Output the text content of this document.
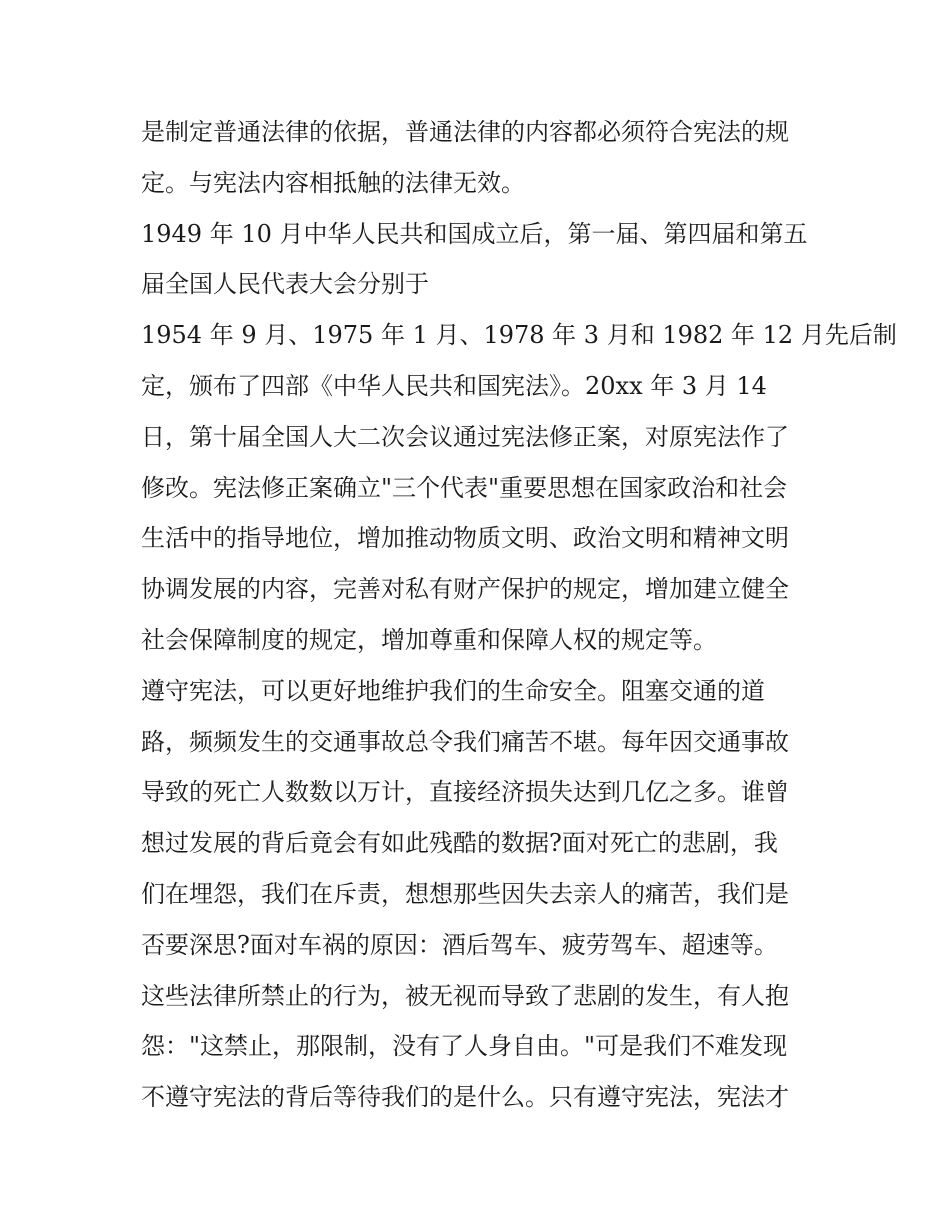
是制定普通法律的依据，普通法律的内容都必须符合宪法的规
定。与宪法内容相抵触的法律无效。
1949 年 10 月中华人民共和国成立后，第一届、第四届和第五
届全国人民代表大会分别于
1954 年 9 月、1975 年 1 月、1978 年 3 月和 1982 年 12 月先后制
定，颁布了四部《中华人民共和国宪法》。20xx 年 3 月 14
日，第十届全国人大二次会议通过宪法修正案，对原宪法作了
修改。宪法修正案确立"三个代表"重要思想在国家政治和社会
生活中的指导地位，增加推动物质文明、政治文明和精神文明
协调发展的内容，完善对私有财产保护的规定，增加建立健全
社会保障制度的规定，增加尊重和保障人权的规定等。
遵守宪法，可以更好地维护我们的生命安全。阻塞交通的道
路，频频发生的交通事故总令我们痛苦不堪。每年因交通事故
导致的死亡人数数以万计，直接经济损失达到几亿之多。谁曾
想过发展的背后竟会有如此残酷的数据?面对死亡的悲剧，我
们在埋怨，我们在斥责，想想那些因失去亲人的痛苦，我们是
否要深思?面对车祸的原因：酒后驾车、疲劳驾车、超速等。
这些法律所禁止的行为，被无视而导致了悲剧的发生，有人抱
怨："这禁止，那限制，没有了人身自由。"可是我们不难发现
不遵守宪法的背后等待我们的是什么。只有遵守宪法，宪法才
